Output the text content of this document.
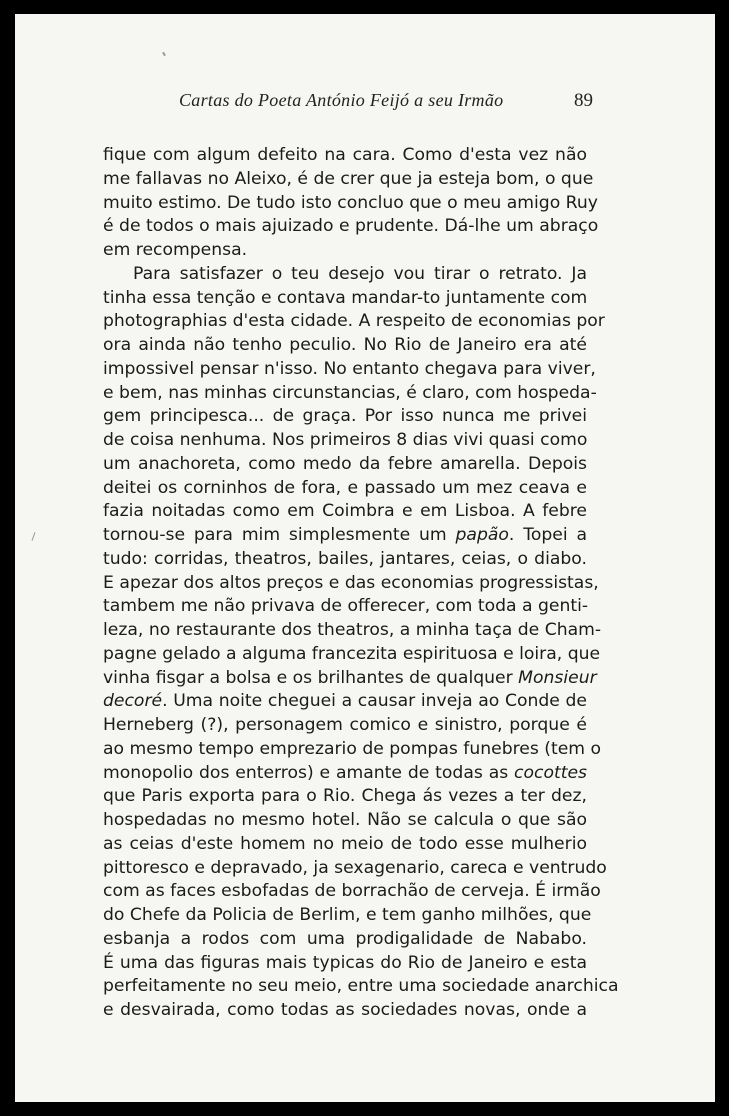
Cartas do Poeta António Feijó a seu Irmão	89
fique com algum defeito na cara. Como d'esta vez não
me fallavas no Aleixo, é de crer que ja esteja bom, o que
muito estimo. De tudo isto concluo que o meu amigo Ruy
é de todos o mais ajuizado e prudente. Dá-lhe um abraço
em recompensa.
Para satisfazer o teu desejo vou tirar o retrato. Ja
tinha essa tenção e contava mandar-to juntamente com
photographias d'esta cidade. A respeito de economias por
ora ainda não tenho peculio. No Rio de Janeiro era até
impossivel pensar n'isso. No entanto chegava para viver,
e bem, nas minhas circunstancias, é claro, com hospeda-
gem principesca... de graça. Por isso nunca me privei
de coisa nenhuma. Nos primeiros 8 dias vivi quasi como
um anachoreta, como medo da febre amarella. Depois
deitei os corninhos de fora, e passado um mez ceava e
fazia noitadas como em Coimbra e em Lisboa. A febre
tornou-se para mim simplesmente um papão. Topei a
tudo: corridas, theatros, bailes, jantares, ceias, o diabo.
E apezar dos altos preços e das economias progressistas,
tambem me não privava de offerecer, com toda a genti-
leza, no restaurante dos theatros, a minha taça de Cham-
pagne gelado a alguma francezita espirituosa e loira, que
vinha fisgar a bolsa e os brilhantes de qualquer Monsieur
decoré. Uma noite cheguei a causar inveja ao Conde de
Herneberg (?), personagem comico e sinistro, porque é
ao mesmo tempo emprezario de pompas funebres (tem o
monopolio dos enterros) e amante de todas as cocottes
que Paris exporta para o Rio. Chega ás vezes a ter dez,
hospedadas no mesmo hotel. Não se calcula o que são
as ceias d'este homem no meio de todo esse mulherio
pittoresco e depravado, ja sexagenario, careca e ventrudo
com as faces esbofadas de borrachão de cerveja. É irmão
do Chefe da Policia de Berlim, e tem ganho milhões, que
esbanja a rodos com uma prodigalidade de Nababo.
É uma das figuras mais typicas do Rio de Janeiro e esta
perfeitamente no seu meio, entre uma sociedade anarchica
e desvairada, como todas as sociedades novas, onde a
